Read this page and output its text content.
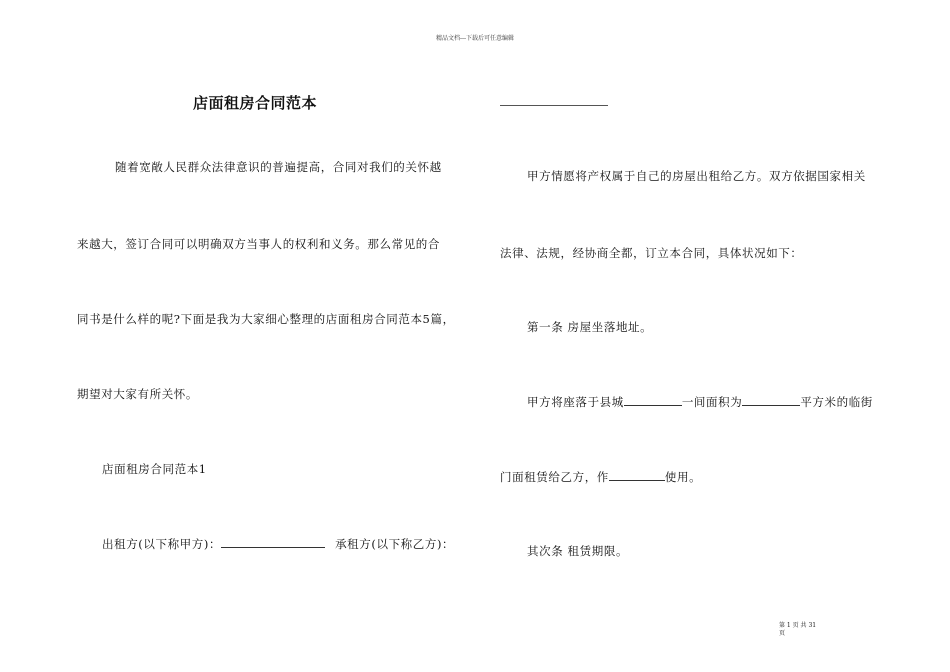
精品文档---下载后可任意编辑
店面租房合同范本
随着宽敞人民群众法律意识的普遍提高，合同对我们的关怀越
来越大，签订合同可以明确双方当事人的权利和义务。那么常见的合
同书是什么样的呢?下面是我为大家细心整理的店面租房合同范本5篇，
期望对大家有所关怀。
店面租房合同范本1
出租方(以下称甲方)：	承租方(以下称乙方)：
甲方情愿将产权属于自己的房屋出租给乙方。双方依据国家相关
法律、法规，经协商全都，订立本合同，具体状况如下：
第一条 房屋坐落地址。
甲方将座落于县城	一间面积为	平方米的临街
门面租赁给乙方，作	使用。
其次条 租赁期限。
第 1 页 共 31
页
